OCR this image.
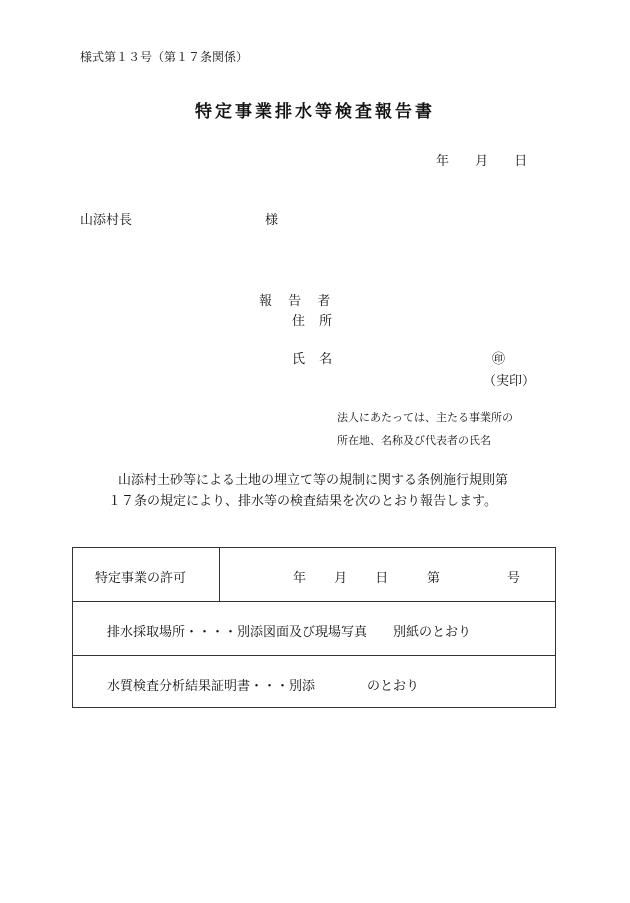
様式第１３号（第１７条関係）
特定事業排水等検査報告書
年 月 日
山添村長	様
報 告 者
住 所
氏 名	㊞
（実印）
法人にあたっては、主たる事業所の
所在地、名称及び代表者の氏名
山添村土砂等による土地の埋立て等の規制に関する条例施行規則第
１７条の規定により、排水等の検査結果を次のとおり報告します。
特定事業の許可	年 月 日	第	号
排水採取場所・・・・別添図面及び現場写真　　別紙のとおり
水質検査分析結果証明書・・・別添　　　　のとおり
